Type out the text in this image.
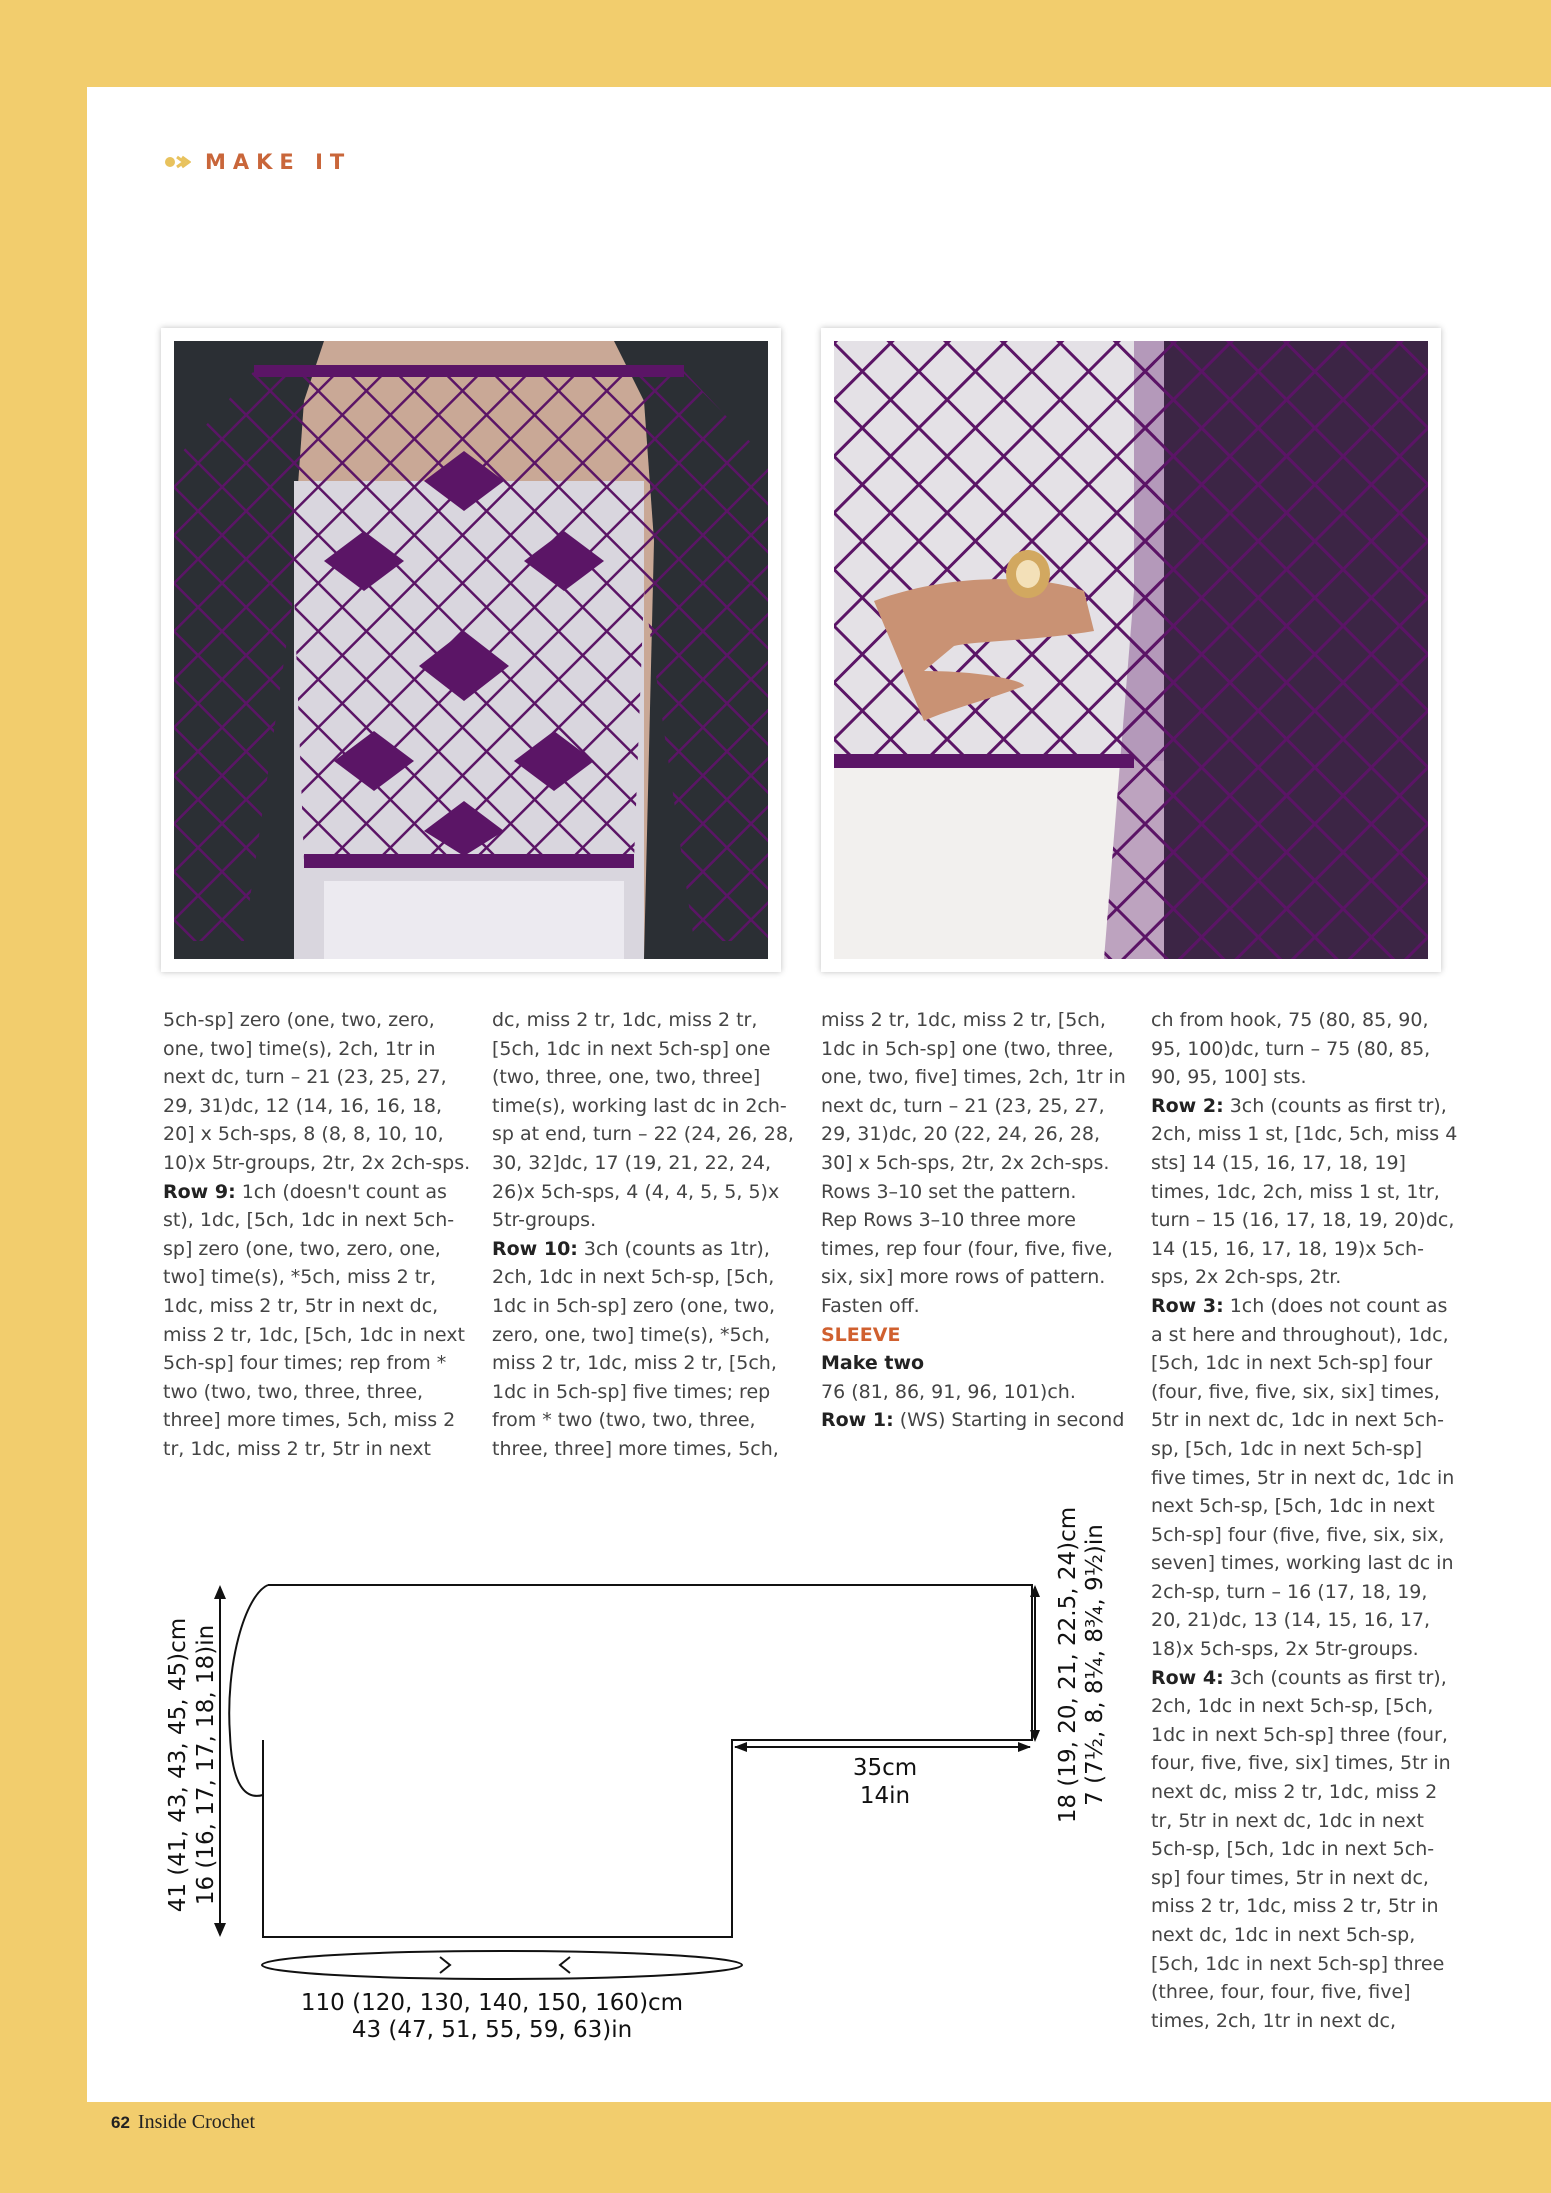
MAKE IT

5ch-sp] zero (one, two, zero, one, two] time(s), 2ch, 1tr in next dc, turn – 21 (23, 25, 27, 29, 31)dc, 12 (14, 16, 16, 18, 20] x 5ch-sps, 8 (8, 8, 10, 10, 10)x 5tr-groups, 2tr, 2x 2ch-sps.

Row 9: 1ch (doesn't count as st), 1dc, [5ch, 1dc in next 5ch-sp] zero (one, two, zero, one, two] time(s), *5ch, miss 2 tr, 1dc, miss 2 tr, 5tr in next dc, miss 2 tr, 1dc, [5ch, 1dc in next 5ch-sp] four times; rep from * two (two, two, three, three, three] more times, 5ch, miss 2 tr, 1dc, miss 2 tr, 5tr in next

dc, miss 2 tr, 1dc, miss 2 tr, [5ch, 1dc in next 5ch-sp] one (two, three, one, two, three] time(s), working last dc in 2ch-sp at end, turn – 22 (24, 26, 28, 30, 32]dc, 17 (19, 21, 22, 24, 26)x 5ch-sps, 4 (4, 4, 5, 5, 5)x 5tr-groups.

Row 10: 3ch (counts as 1tr), 2ch, 1dc in next 5ch-sp, [5ch, 1dc in 5ch-sp] zero (one, two, zero, one, two] time(s), *5ch, miss 2 tr, 1dc, miss 2 tr, [5ch, 1dc in 5ch-sp] five times; rep from * two (two, two, three, three, three] more times, 5ch,

miss 2 tr, 1dc, miss 2 tr, [5ch, 1dc in 5ch-sp] one (two, three, one, two, five] times, 2ch, 1tr in next dc, turn – 21 (23, 25, 27, 29, 31)dc, 20 (22, 24, 26, 28, 30] x 5ch-sps, 2tr, 2x 2ch-sps.

Rows 3–10 set the pattern.

Rep Rows 3–10 three more times, rep four (four, five, five, six, six] more rows of pattern.

Fasten off.

SLEEVE

Make two

76 (81, 86, 91, 96, 101)ch.

Row 1: (WS) Starting in second

ch from hook, 75 (80, 85, 90, 95, 100)dc, turn – 75 (80, 85, 90, 95, 100] sts.

Row 2: 3ch (counts as first tr), 2ch, miss 1 st, [1dc, 5ch, miss 4 sts] 14 (15, 16, 17, 18, 19] times, 1dc, 2ch, miss 1 st, 1tr, turn – 15 (16, 17, 18, 19, 20)dc, 14 (15, 16, 17, 18, 19)x 5ch-sps, 2x 2ch-sps, 2tr.

Row 3: 1ch (does not count as a st here and throughout), 1dc, [5ch, 1dc in next 5ch-sp] four (four, five, five, six, six] times, 5tr in next dc, 1dc in next 5ch-sp, [5ch, 1dc in next 5ch-sp] five times, 5tr in next dc, 1dc in next 5ch-sp, [5ch, 1dc in next 5ch-sp] four (five, five, six, six, seven] times, working last dc in 2ch-sp, turn – 16 (17, 18, 19, 20, 21)dc, 13 (14, 15, 16, 17, 18)x 5ch-sps, 2x 5tr-groups.

Row 4: 3ch (counts as first tr), 2ch, 1dc in next 5ch-sp, [5ch, 1dc in next 5ch-sp] three (four, four, five, five, six] times, 5tr in next dc, miss 2 tr, 1dc, miss 2 tr, 5tr in next dc, 1dc in next 5ch-sp, [5ch, 1dc in next 5ch-sp] four times, 5tr in next dc, miss 2 tr, 1dc, miss 2 tr, 5tr in next dc, 1dc in next 5ch-sp, [5ch, 1dc in next 5ch-sp] three (three, four, four, five, five] times, 2ch, 1tr in next dc,

41 (41, 43, 43, 45, 45)cm 16 (16, 17, 17, 18, 18)in	18 (19, 20, 21, 22.5, 24)cm 7 (7½, 8, 8¼, 8¾, 9½)in
35cm
14in
110 (120, 130, 140, 150, 160)cm
43 (47, 51, 55, 59, 63)in
62 Inside Crochet
